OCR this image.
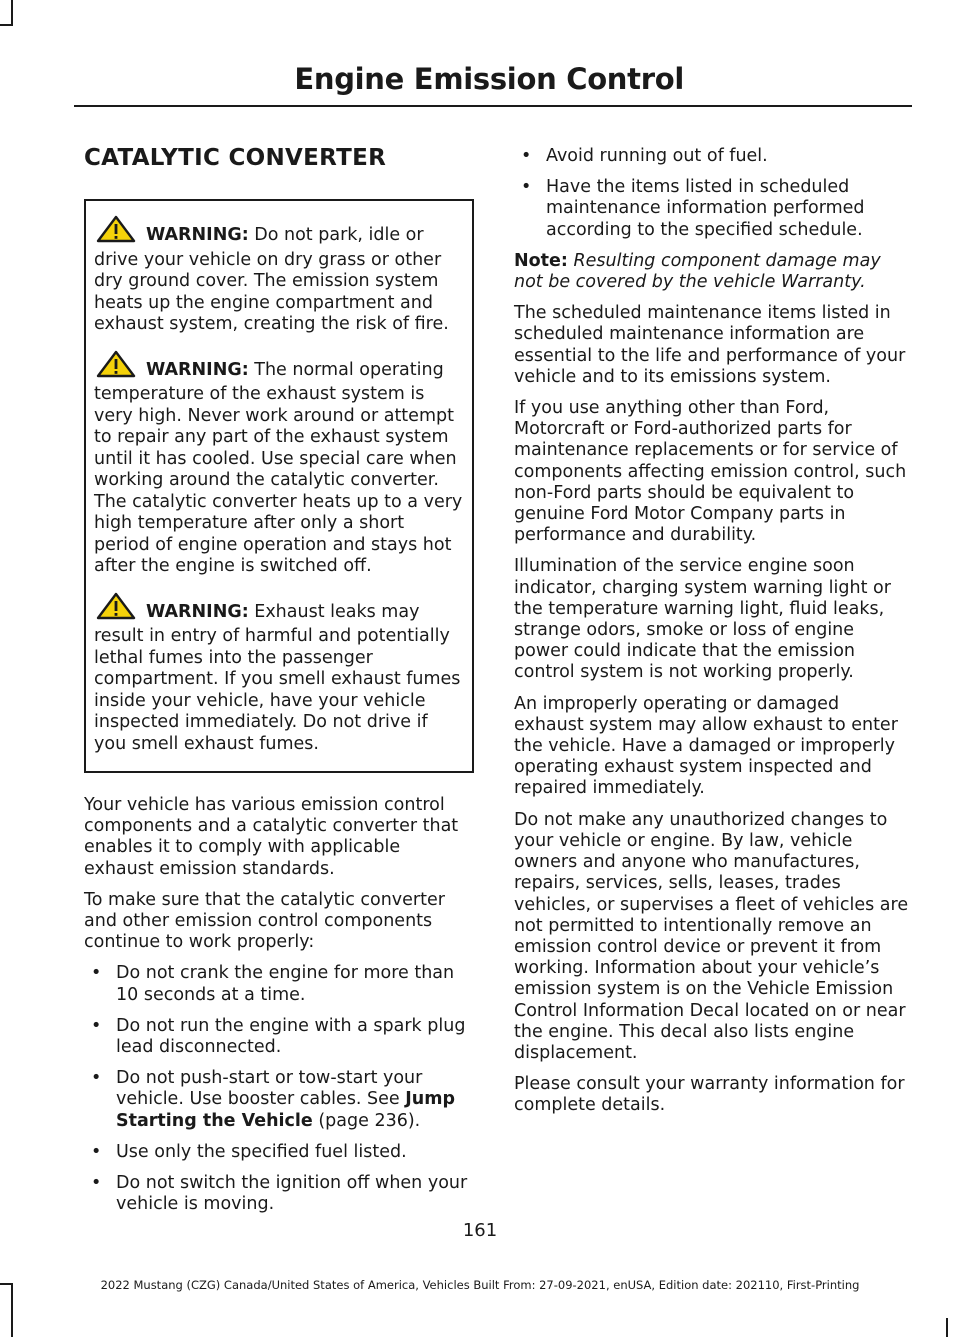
Engine Emission Control
CATALYTIC CONVERTER
WARNING: Do not park, idle or drive your vehicle on dry grass or other dry ground cover. The emission system heats up the engine compartment and exhaust system, creating the risk of fire.
WARNING: The normal operating temperature of the exhaust system is very high. Never work around or attempt to repair any part of the exhaust system until it has cooled. Use special care when working around the catalytic converter. The catalytic converter heats up to a very high temperature after only a short period of engine operation and stays hot after the engine is switched off.
WARNING: Exhaust leaks may result in entry of harmful and potentially lethal fumes into the passenger compartment. If you smell exhaust fumes inside your vehicle, have your vehicle inspected immediately. Do not drive if you smell exhaust fumes.

Your vehicle has various emission control components and a catalytic converter that enables it to comply with applicable exhaust emission standards.

To make sure that the catalytic converter and other emission control components continue to work properly:

• Do not crank the engine for more than 10 seconds at a time.
• Do not run the engine with a spark plug lead disconnected.
• Do not push-start or tow-start your vehicle. Use booster cables. See Jump Starting the Vehicle (page 236).
• Use only the specified fuel listed.
• Do not switch the ignition off when your vehicle is moving.
• Avoid running out of fuel.
• Have the items listed in scheduled maintenance information performed according to the specified schedule.

Note: Resulting component damage may not be covered by the vehicle Warranty.

The scheduled maintenance items listed in scheduled maintenance information are essential to the life and performance of your vehicle and to its emissions system.

If you use anything other than Ford, Motorcraft or Ford-authorized parts for maintenance replacements or for service of components affecting emission control, such non-Ford parts should be equivalent to genuine Ford Motor Company parts in performance and durability.

Illumination of the service engine soon indicator, charging system warning light or the temperature warning light, fluid leaks, strange odors, smoke or loss of engine power could indicate that the emission control system is not working properly.

An improperly operating or damaged exhaust system may allow exhaust to enter the vehicle. Have a damaged or improperly operating exhaust system inspected and repaired immediately.

Do not make any unauthorized changes to your vehicle or engine. By law, vehicle owners and anyone who manufactures, repairs, services, sells, leases, trades vehicles, or supervises a fleet of vehicles are not permitted to intentionally remove an emission control device or prevent it from working. Information about your vehicle’s emission system is on the Vehicle Emission Control Information Decal located on or near the engine. This decal also lists engine displacement.

Please consult your warranty information for complete details.

161
2022 Mustang (CZG) Canada/United States of America, Vehicles Built From: 27-09-2021, enUSA, Edition date: 202110, First-Printing
